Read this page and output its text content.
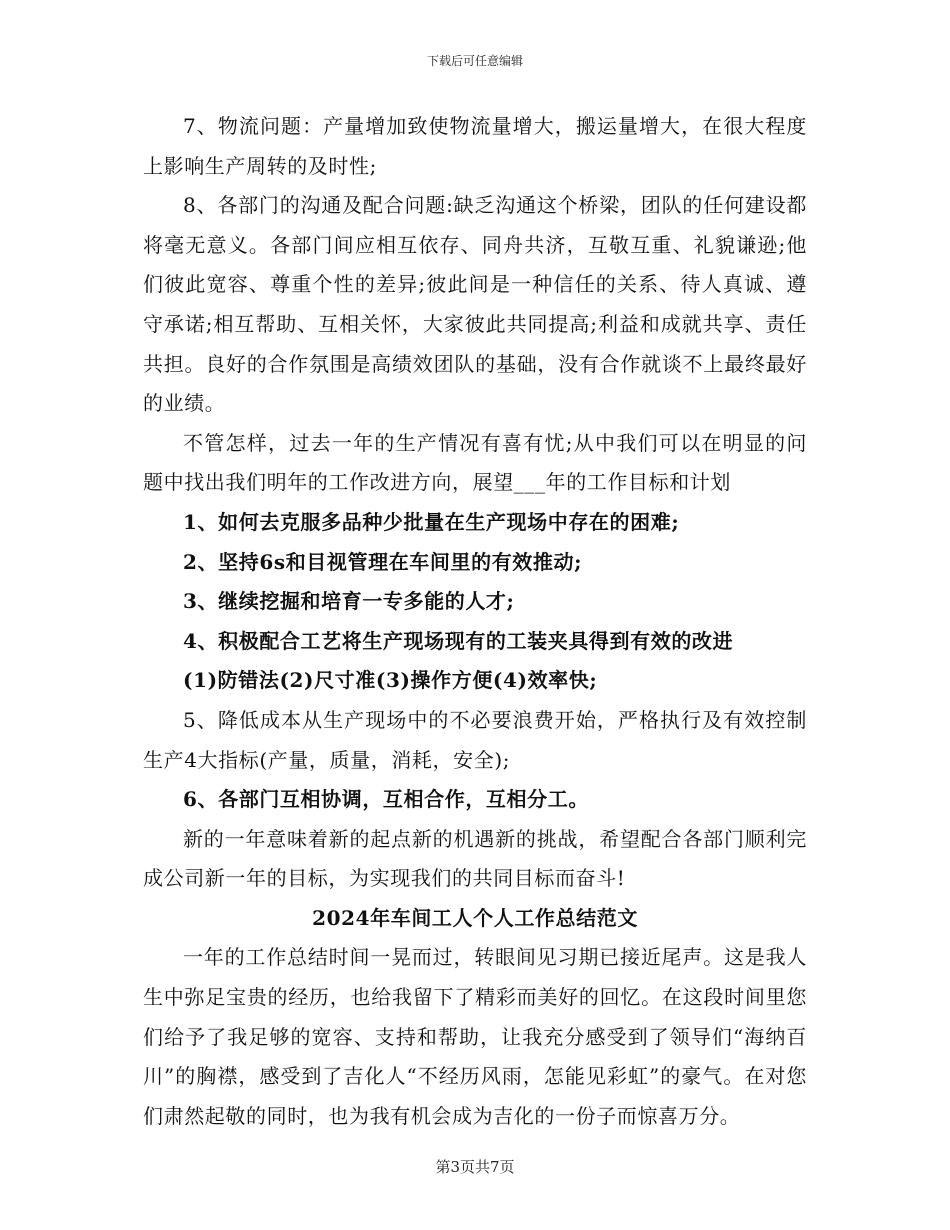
下载后可任意编辑

7、物流问题：产量增加致使物流量增大，搬运量增大，在很大程度上影响生产周转的及时性;

8、各部门的沟通及配合问题:缺乏沟通这个桥梁，团队的任何建设都将毫无意义。各部门间应相互依存、同舟共济，互敬互重、礼貌谦逊;他们彼此宽容、尊重个性的差异;彼此间是一种信任的关系、待人真诚、遵守承诺;相互帮助、互相关怀，大家彼此共同提高;利益和成就共享、责任共担。良好的合作氛围是高绩效团队的基础，没有合作就谈不上最终最好的业绩。

不管怎样，过去一年的生产情况有喜有忧;从中我们可以在明显的问题中找出我们明年的工作改进方向，展望___年的工作目标和计划

1、如何去克服多品种少批量在生产现场中存在的困难;

2、坚持6s和目视管理在车间里的有效推动;

3、继续挖掘和培育一专多能的人才;

4、积极配合工艺将生产现场现有的工装夹具得到有效的改进

(1)防错法(2)尺寸准(3)操作方便(4)效率快;

5、降低成本从生产现场中的不必要浪费开始，严格执行及有效控制生产4大指标(产量，质量，消耗，安全);

6、各部门互相协调，互相合作，互相分工。

新的一年意味着新的起点新的机遇新的挑战，希望配合各部门顺利完成公司新一年的目标，为实现我们的共同目标而奋斗!

2024年车间工人个人工作总结范文

一年的工作总结时间一晃而过，转眼间见习期已接近尾声。这是我人生中弥足宝贵的经历，也给我留下了精彩而美好的回忆。在这段时间里您们给予了我足够的宽容、支持和帮助，让我充分感受到了领导们“海纳百川”的胸襟，感受到了吉化人“不经历风雨，怎能见彩虹”的豪气。在对您们肃然起敬的同时，也为我有机会成为吉化的一份子而惊喜万分。

第3页共7页
